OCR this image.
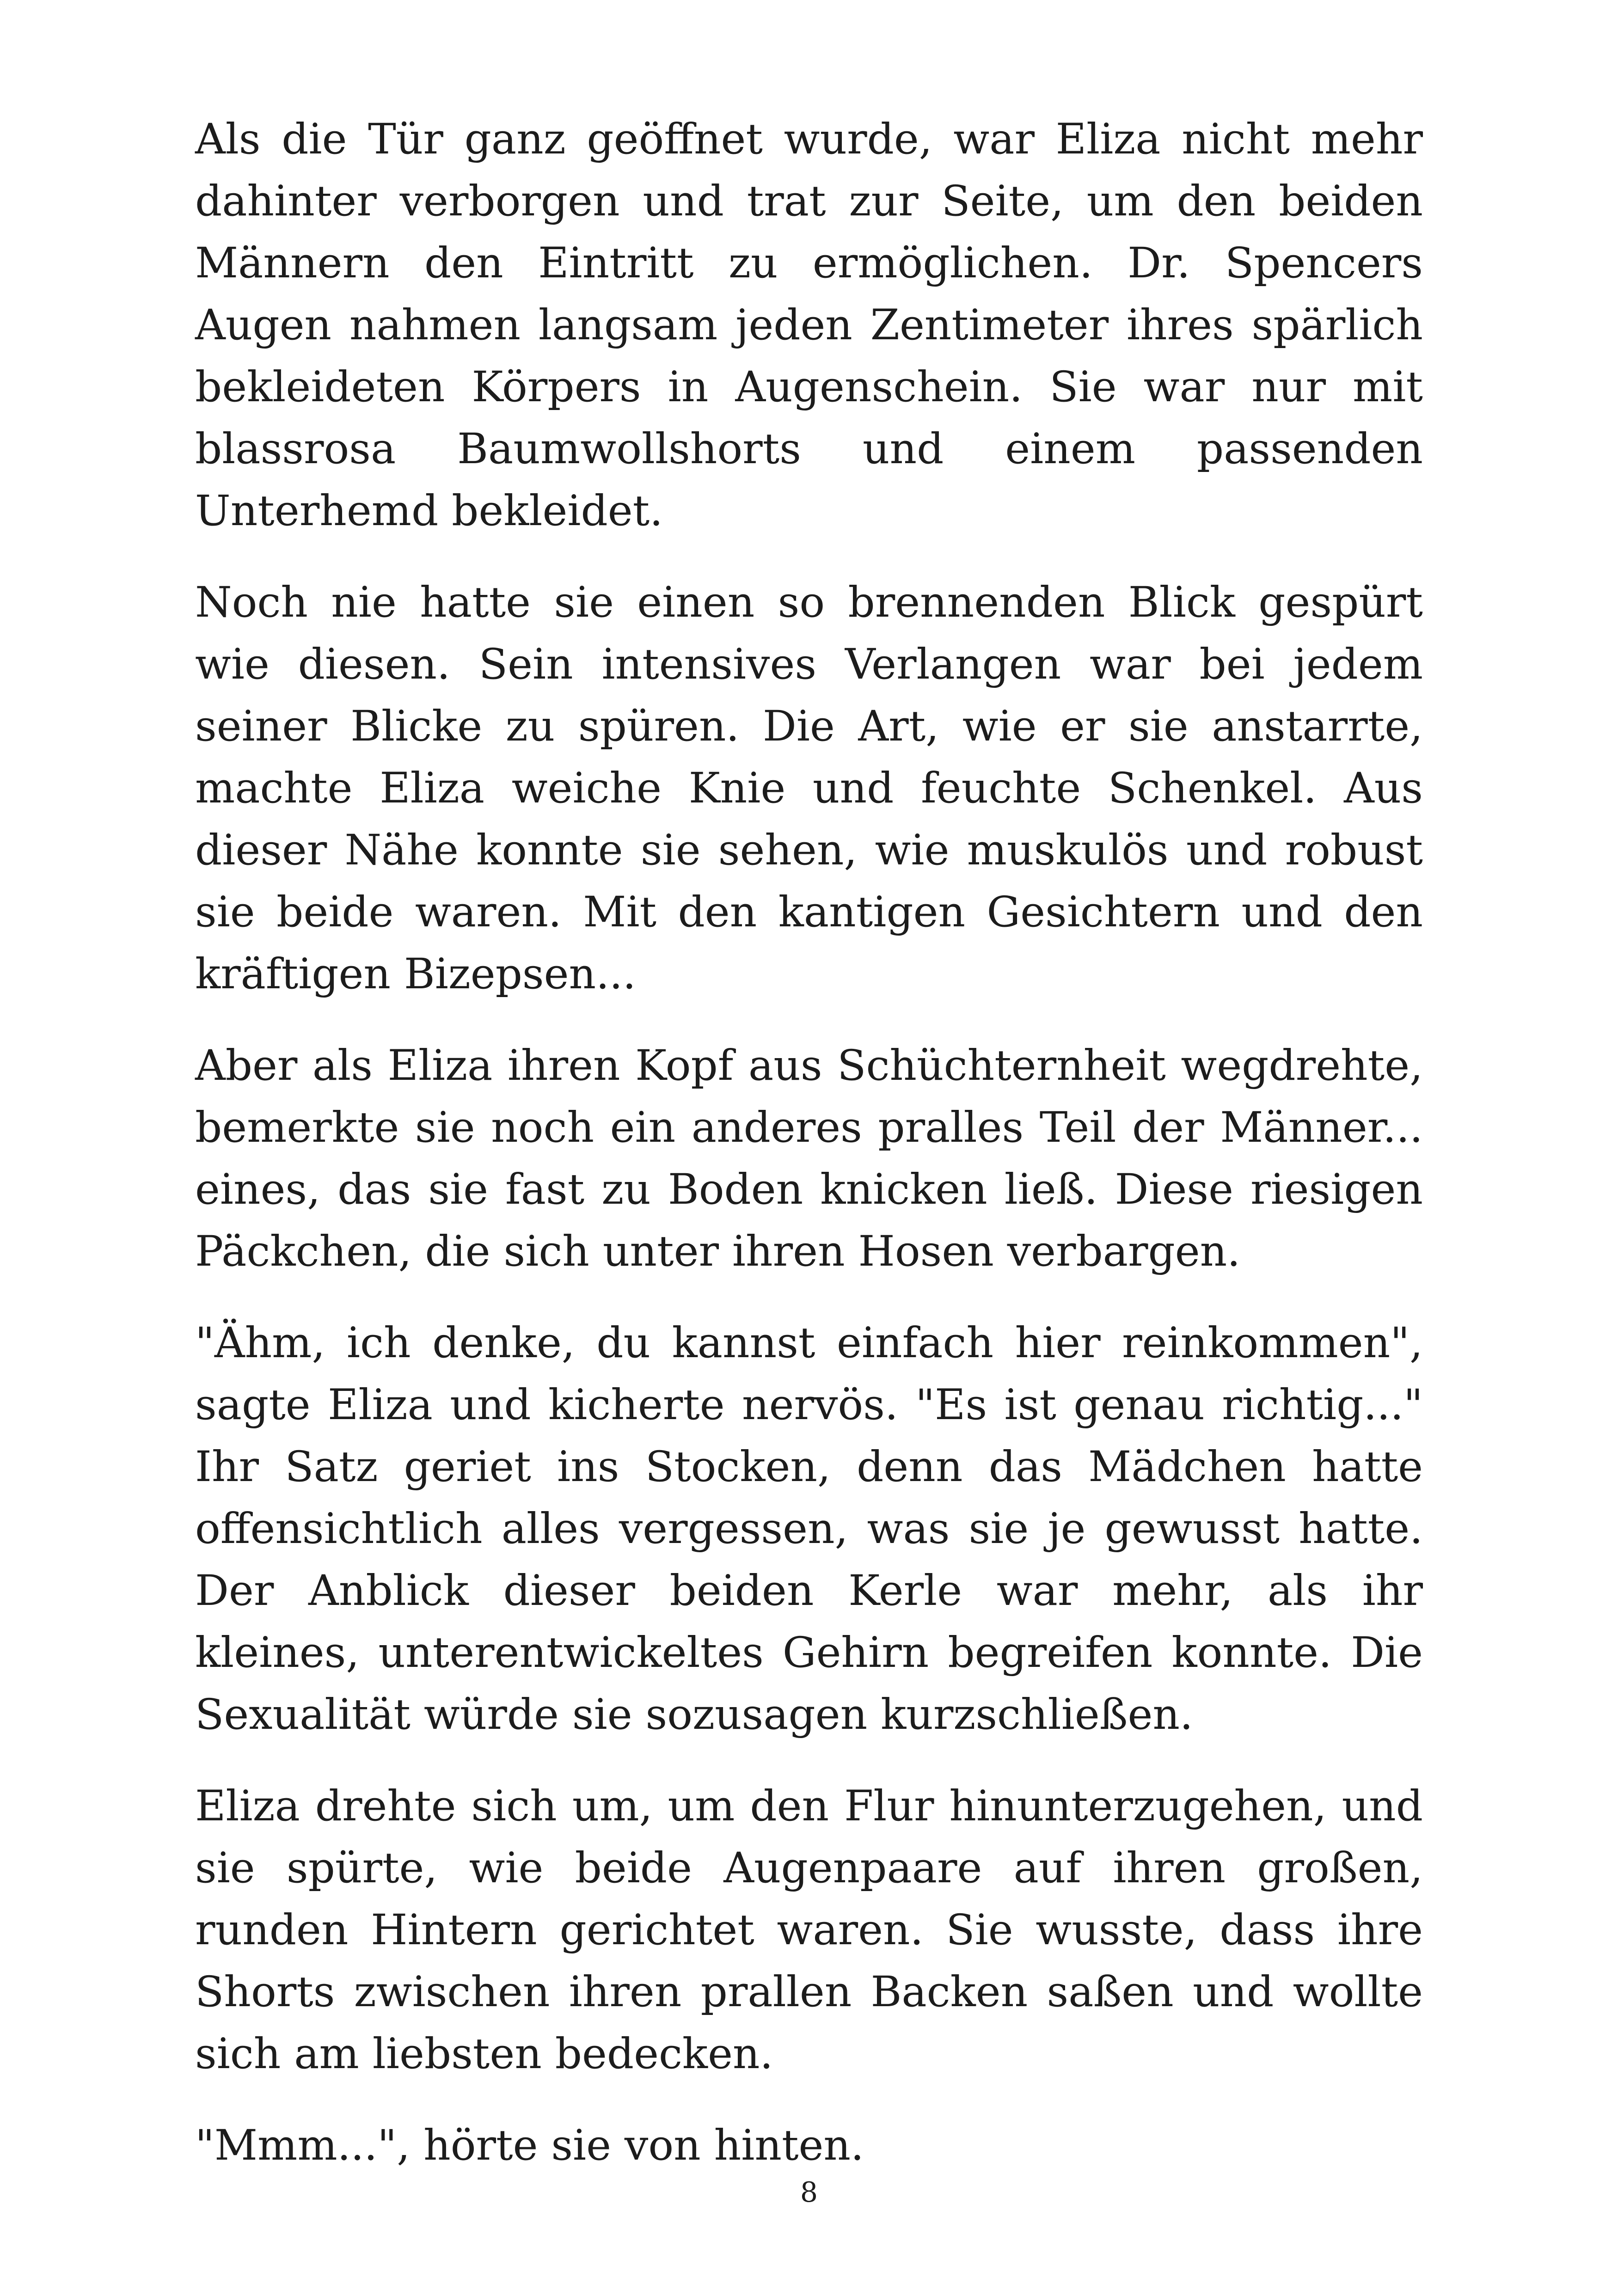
Als die Tür ganz geöffnet wurde, war Eliza nicht mehr dahinter verborgen und trat zur Seite, um den beiden Männern den Eintritt zu ermöglichen. Dr. Spencers Augen nahmen langsam jeden Zentimeter ihres spärlich bekleideten Körpers in Augenschein. Sie war nur mit blassrosa Baumwollshorts und einem passenden Unterhemd bekleidet.

Noch nie hatte sie einen so brennenden Blick gespürt wie diesen. Sein intensives Verlangen war bei jedem seiner Blicke zu spüren. Die Art, wie er sie anstarrte, machte Eliza weiche Knie und feuchte Schenkel. Aus dieser Nähe konnte sie sehen, wie muskulös und robust sie beide waren. Mit den kantigen Gesichtern und den kräftigen Bizepsen...

Aber als Eliza ihren Kopf aus Schüchternheit wegdrehte, bemerkte sie noch ein anderes pralles Teil der Männer... eines, das sie fast zu Boden knicken ließ. Diese riesigen Päckchen, die sich unter ihren Hosen verbargen.

"Ähm, ich denke, du kannst einfach hier reinkommen", sagte Eliza und kicherte nervös. "Es ist genau richtig..." Ihr Satz geriet ins Stocken, denn das Mädchen hatte offensichtlich alles vergessen, was sie je gewusst hatte. Der Anblick dieser beiden Kerle war mehr, als ihr kleines, unterentwickeltes Gehirn begreifen konnte. Die Sexualität würde sie sozusagen kurzschließen.

Eliza drehte sich um, um den Flur hinunterzugehen, und sie spürte, wie beide Augenpaare auf ihren großen, runden Hintern gerichtet waren. Sie wusste, dass ihre Shorts zwischen ihren prallen Backen saßen und wollte sich am liebsten bedecken.

"Mmm...", hörte sie von hinten.

8
